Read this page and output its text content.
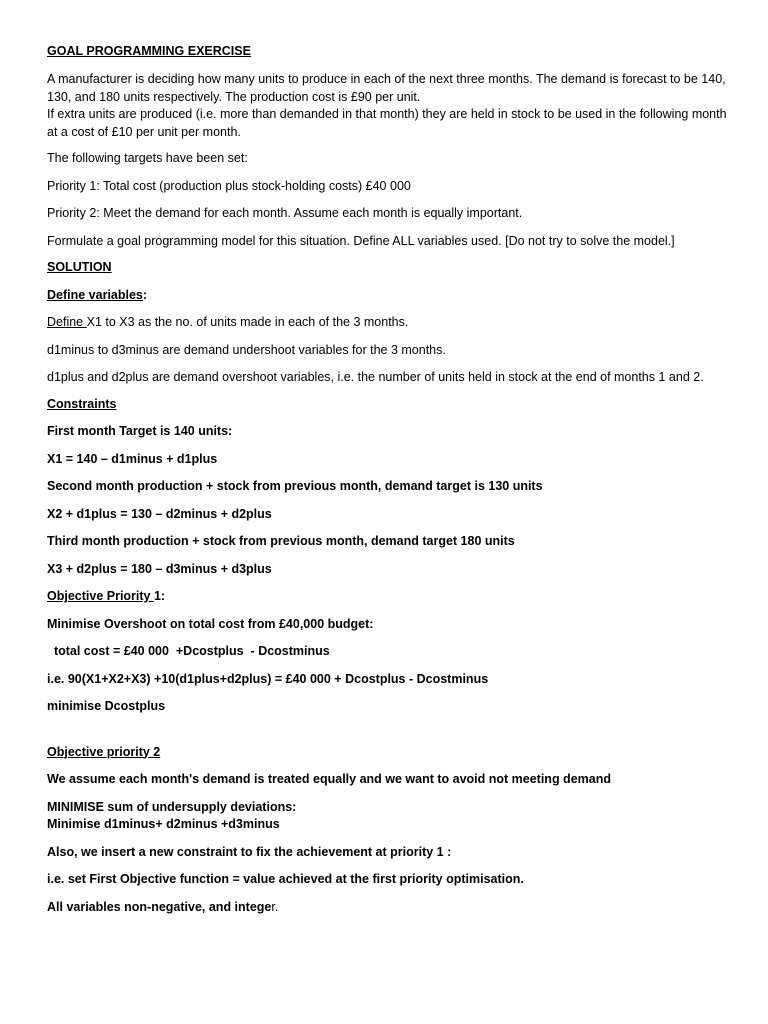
GOAL PROGRAMMING EXERCISE

A manufacturer is deciding how many units to produce in each of the next three months. The demand is forecast to be 140, 130, and 180 units respectively. The production cost is £90 per unit.

If extra units are produced (i.e. more than demanded in that month) they are held in stock to be used in the following month at a cost of £10 per unit per month.

The following targets have been set:

Priority 1: Total cost (production plus stock-holding costs) £40 000

Priority 2: Meet the demand for each month. Assume each month is equally important.

Formulate a goal programming model for this situation. Define ALL variables used. [Do not try to solve the model.]

SOLUTION

Define variables:

Define X1 to X3 as the no. of units made in each of the 3 months.

d1minus to d3minus are demand undershoot variables for the 3 months.

d1plus and d2plus are demand overshoot variables, i.e. the number of units held in stock at the end of months 1 and 2.

Constraints

First month Target is 140 units:

X1 = 140 – d1minus + d1plus

Second month production + stock from previous month, demand target is 130 units

X2 + d1plus = 130 – d2minus + d2plus

Third month production + stock from previous month, demand target 180 units

X3 + d2plus = 180 – d3minus + d3plus

Objective Priority 1:

Minimise Overshoot on total cost from £40,000 budget:

total cost = £40 000  +Dcostplus  - Dcostminus

i.e. 90(X1+X2+X3) +10(d1plus+d2plus) = £40 000 + Dcostplus - Dcostminus

minimise Dcostplus

Objective priority 2

We assume each month's demand is treated equally and we want to avoid not meeting demand

MINIMISE sum of undersupply deviations:

Minimise d1minus+ d2minus +d3minus

Also, we insert a new constraint to fix the achievement at priority 1 :

i.e. set First Objective function = value achieved at the first priority optimisation.

All variables non-negative, and integer.
